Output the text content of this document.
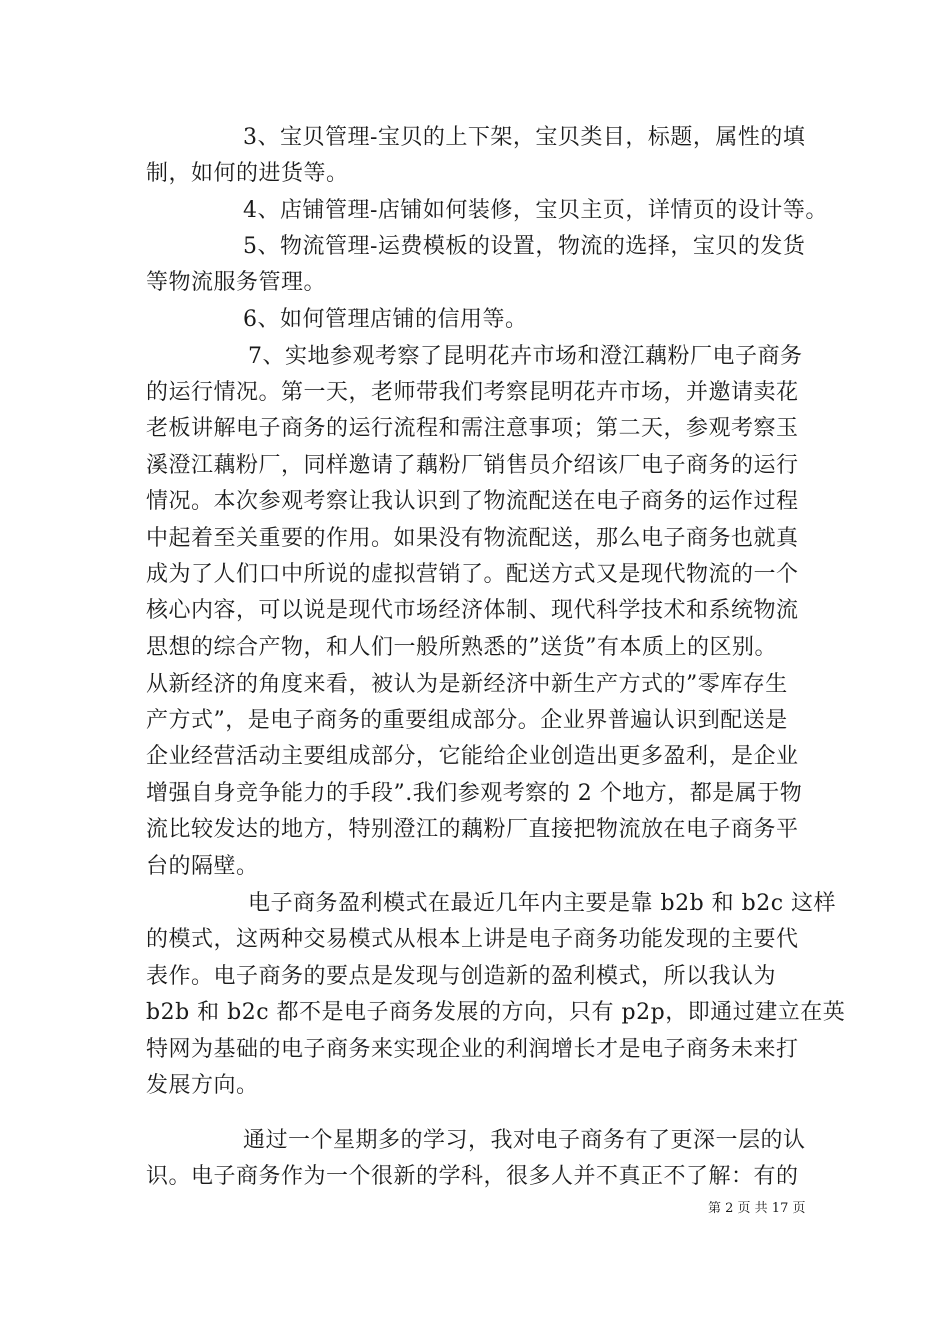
3、宝贝管理-宝贝的上下架，宝贝类目，标题，属性的填
制，如何的进货等。
4、店铺管理-店铺如何装修，宝贝主页，详情页的设计等。
5、物流管理-运费模板的设置，物流的选择，宝贝的发货
等物流服务管理。
6、如何管理店铺的信用等。
7、实地参观考察了昆明花卉市场和澄江藕粉厂电子商务
的运行情况。第一天，老师带我们考察昆明花卉市场，并邀请卖花
老板讲解电子商务的运行流程和需注意事项；第二天，参观考察玉
溪澄江藕粉厂，同样邀请了藕粉厂销售员介绍该厂电子商务的运行
情况。本次参观考察让我认识到了物流配送在电子商务的运作过程
中起着至关重要的作用。如果没有物流配送，那么电子商务也就真
成为了人们口中所说的虚拟营销了。配送方式又是现代物流的一个
核心内容，可以说是现代市场经济体制、现代科学技术和系统物流
思想的综合产物，和人们一般所熟悉的”送货”有本质上的区别。
从新经济的角度来看，被认为是新经济中新生产方式的”零库存生
产方式”，是电子商务的重要组成部分。企业界普遍认识到配送是
企业经营活动主要组成部分，它能给企业创造出更多盈利，是企业
增强自身竞争能力的手段”.我们参观考察的 2 个地方，都是属于物
流比较发达的地方，特别澄江的藕粉厂直接把物流放在电子商务平
台的隔壁。
电子商务盈利模式在最近几年内主要是靠 b2b 和 b2c 这样
的模式，这两种交易模式从根本上讲是电子商务功能发现的主要代
表作。电子商务的要点是发现与创造新的盈利模式，所以我认为
b2b 和 b2c 都不是电子商务发展的方向，只有 p2p，即通过建立在英
特网为基础的电子商务来实现企业的利润增长才是电子商务未来打
发展方向。
通过一个星期多的学习，我对电子商务有了更深一层的认
识。电子商务作为一个很新的学科，很多人并不真正不了解：有的
第 2 页 共 17 页
